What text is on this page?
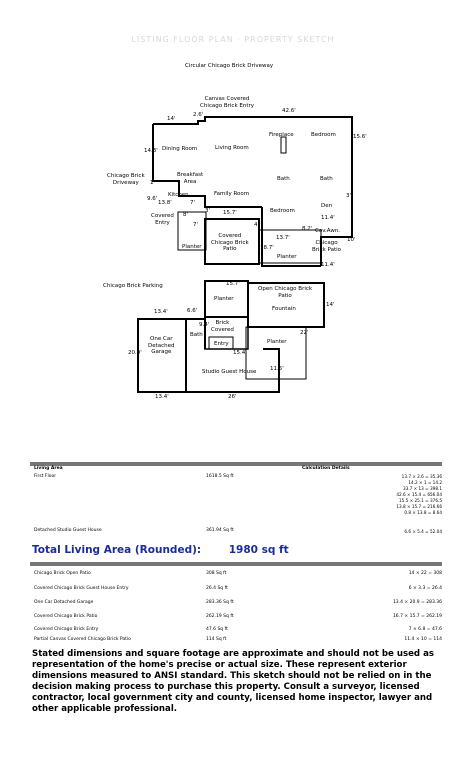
LISTING FLOOR PLAN · PROPERTY SKETCH
Circular Chicago Brick Driveway
Canvas Covered
Chicago Brick Entry
14'
2.6'
42.6'
15.6'
14.3'
1'
3'
9.6'
13.8'	7'
8'
7'
3' 15.7'
4'
11.4'
13.7'
18.7'
8.2'
10'
11.4'
15.7'
14'
13.4'	6.6'
9.4'
22'
20.9'	15.4'
11.5'
13.4'	26'
Dining Room	Living Room
Fireplace	Bedroom
Breakfast
Area
Kitchen	Family Room
Bath	Bath
Bedroom
Den
Covered
Entry
Planter
Covered
Chicago Brick
Patio
Planter
Cov.Awn.
Chicago
Brick Patio
Chicago Brick
Driveway
Chicago Brick Parking
Planter
Open Chicago Brick
Patio
Fountain
One Car
Detached
Garage
Bath
Brick
Covered
Entry	Planter
Studio Guest House
Living Area	Calculation Details
First Floor	1618.5 Sq ft	13.7 × 2.6 = 35.36
14.2 × 1 = 14.2
33.7 × 13 = 398.1
42.6 × 15.4 = 656.04
15.5 × 25.1 = 376.5
13.8 × 15.7 = 216.66
0.8 × 13.8 = 8.64
Detached Studio Guest House	361.94 Sq ft	6.6 × 5.4 = 52.04
Total Living Area (Rounded):	1980 sq ft
Chicago Brick Open Patio	308 Sq ft	14 × 22 = 308
Covered Chicago Brick Guest House Entry	26.4 Sq ft	6 × 3.3 = 26.4
One Car Detached Garage	283.36 Sq ft	13.4 × 20.9 = 283.36
Covered Chicago Brick Patio	262.19 Sq ft	16.7 × 15.7 = 262.19
Covered Chicago Brick Entry	47.6 Sq ft	7 × 6.8 = 47.6
Partial Canvas Covered Chicago Brick Patio	114 Sq ft	11.4 × 10 = 114
Stated dimensions and square footage are approximate and should not be used as representation of the home's precise or actual size. These represent exterior dimensions measured to ANSI standard. This sketch should not be relied on in the decision making process to purchase this property. Consult a surveyor, licensed contractor, local government city and county, licensed home inspector, lawyer and other applicable professional.
